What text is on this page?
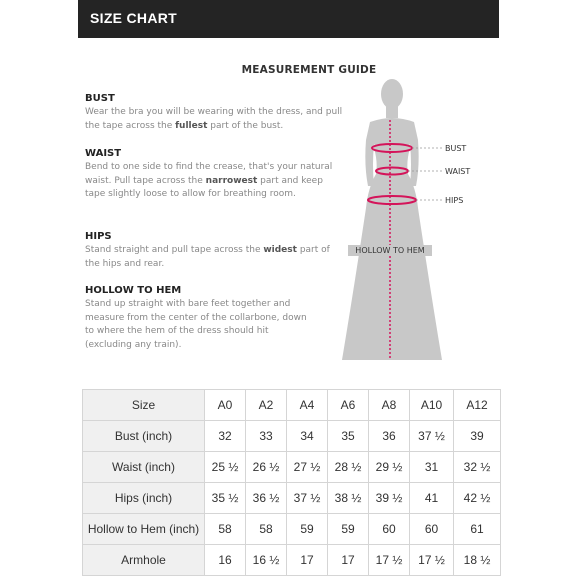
SIZE CHART
MEASUREMENT GUIDE
BUST
Wear the bra you will be wearing with the dress, and pull the tape across the fullest part of the bust.
WAIST
Bend to one side to find the crease, that's your natural waist. Pull tape across the narrowest part and keep tape slightly loose to allow for breathing room.
HIPS
Stand straight and pull tape across the widest part of the hips and rear.
HOLLOW TO HEM
Stand up straight with bare feet together and measure from the center of the collarbone, down to where the hem of the dress should hit (excluding any train).
BUST
WAIST
HIPS
HOLLOW TO HEM
Size	A0	A2	A4	A6	A8	A10	A12
Bust (inch)	32	33	34	35	36	37 ½	39
Waist (inch)	25 ½	26 ½	27 ½	28 ½	29 ½	31	32 ½
Hips (inch)	35 ½	36 ½	37 ½	38 ½	39 ½	41	42 ½
Hollow to Hem (inch)	58	58	59	59	60	60	61
Armhole	16	16 ½	17	17	17 ½	17 ½	18 ½
